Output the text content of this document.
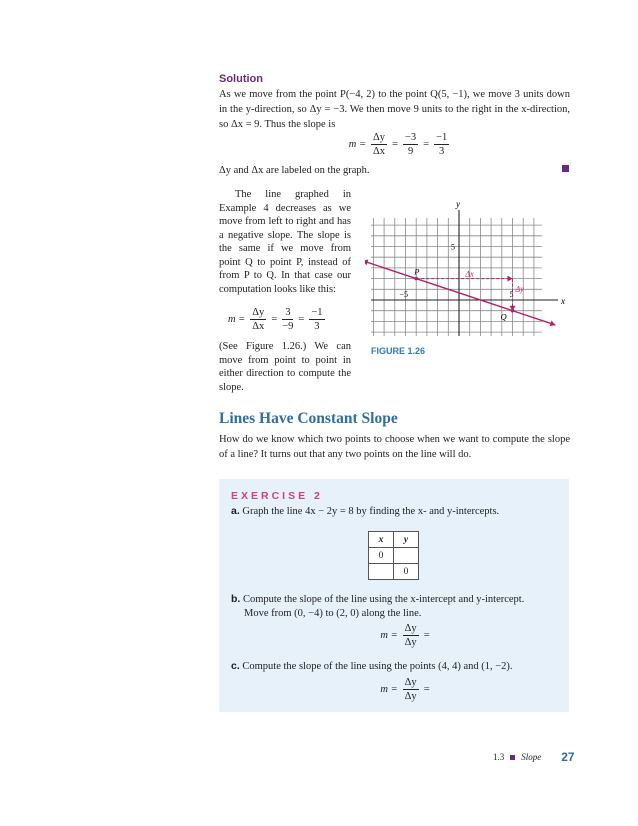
Solution
As we move from the point P(−4, 2) to the point Q(5, −1), we move 3 units down in the y-direction, so Δy = −3. We then move 9 units to the right in the x-direction, so Δx = 9. Thus the slope is
$m = \frac{\Delta y}{\Delta x} = \frac{-3}{9} = \frac{-1}{3}$
Δy and Δx are labeled on the graph.
The line graphed in Example 4 decreases as we move from left to right and has a negative slope. The slope is the same if we move from point Q to point P, instead of from P to Q. In that case our computation looks like this:
$m = \frac{\Delta y}{\Delta x} = \frac{3}{-9} = \frac{-1}{3}$
(See Figure 1.26.) We can move from point to point in either direction to compute the slope.
x
y
5
−5	5
P
Q
Δx
Δy
FIGURE 1.26
Lines Have Constant Slope
How do we know which two points to choose when we want to compute the slope of a line? It turns out that any two points on the line will do.
EXERCISE 2
a. Graph the line 4x − 2y = 8 by finding the x- and y-intercepts.
x	y
0	
	0
b. Compute the slope of the line using the x-intercept and y-intercept.
Move from (0, −4) to (2, 0) along the line.
$m = \frac{\Delta y}{\Delta y}$ =
c. Compute the slope of the line using the points (4, 4) and (1, −2).
$m = \frac{\Delta y}{\Delta y}$ =
1.3 Slope 27
